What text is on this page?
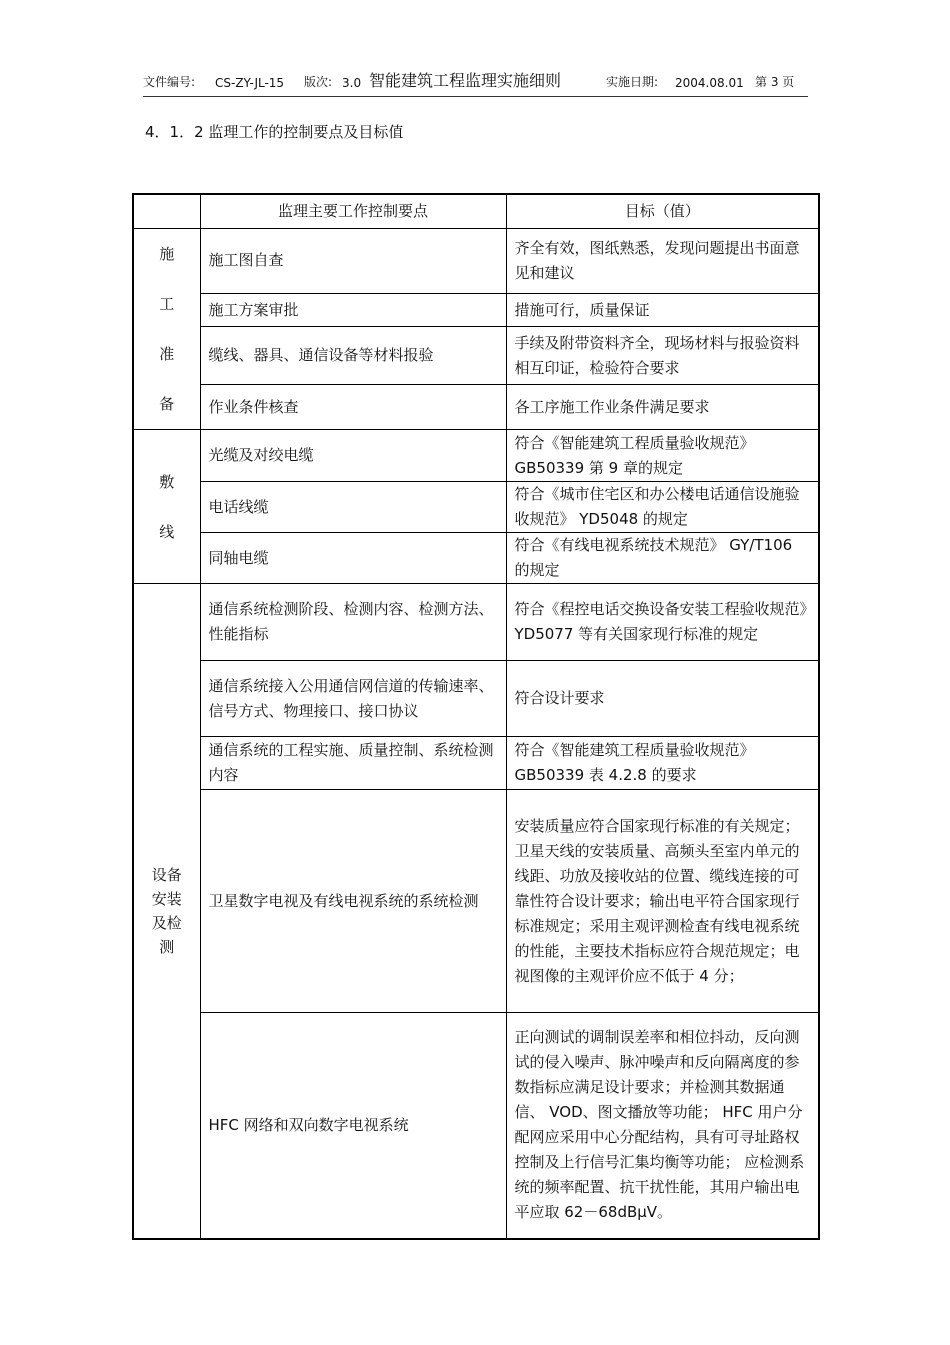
文件编号: CS-ZY-JL-15 版次: 3.0 智能建筑工程监理实施细则	实施日期: 2004.08.01 第 3 页
4．1．2 监理工作的控制要点及目标值
	监理主要工作控制要点	目标（值）

施
工
准
备	施工图自查	齐全有效，图纸熟悉，发现问题提出书面意见和建议
	施工方案审批	措施可行，质量保证
	缆线、器具、通信设备等材料报验	手续及附带资料齐全，现场材料与报验资料相互印证，检验符合要求
	作业条件核查	各工序施工作业条件满足要求

敷
线	光缆及对绞电缆	符合《智能建筑工程质量验收规范》 GB50339 第 9 章的规定
	电话线缆	符合《城市住宅区和办公楼电话通信设施验收规范》 YD5048 的规定
	同轴电缆	符合《有线电视系统技术规范》 GY/T106 的规定

设备
安装
及检
测	通信系统检测阶段、检测内容、检测方法、性能指标	符合《程控电话交换设备安装工程验收规范》YD5077 等有关国家现行标准的规定
	通信系统接入公用通信网信道的传输速率、信号方式、物理接口、接口协议	符合设计要求
	通信系统的工程实施、质量控制、系统检测内容	符合《智能建筑工程质量验收规范》 GB50339 表 4.2.8 的要求
	卫星数字电视及有线电视系统的系统检测	安装质量应符合国家现行标准的有关规定；卫星天线的安装质量、高频头至室内单元的线距、功放及接收站的位置、缆线连接的可靠性符合设计要求；输出电平符合国家现行标准规定；采用主观评测检查有线电视系统的性能，主要技术指标应符合规范规定；电视图像的主观评价应不低于 4 分；
	HFC 网络和双向数字电视系统	正向测试的调制误差率和相位抖动，反向测试的侵入噪声、脉冲噪声和反向隔离度的参数指标应满足设计要求；并检测其数据通信、 VOD、图文播放等功能； HFC 用户分配网应采用中心分配结构，具有可寻址路权控制及上行信号汇集均衡等功能； 应检测系统的频率配置、抗干扰性能，其用户输出电平应取 62－68dBμV。
